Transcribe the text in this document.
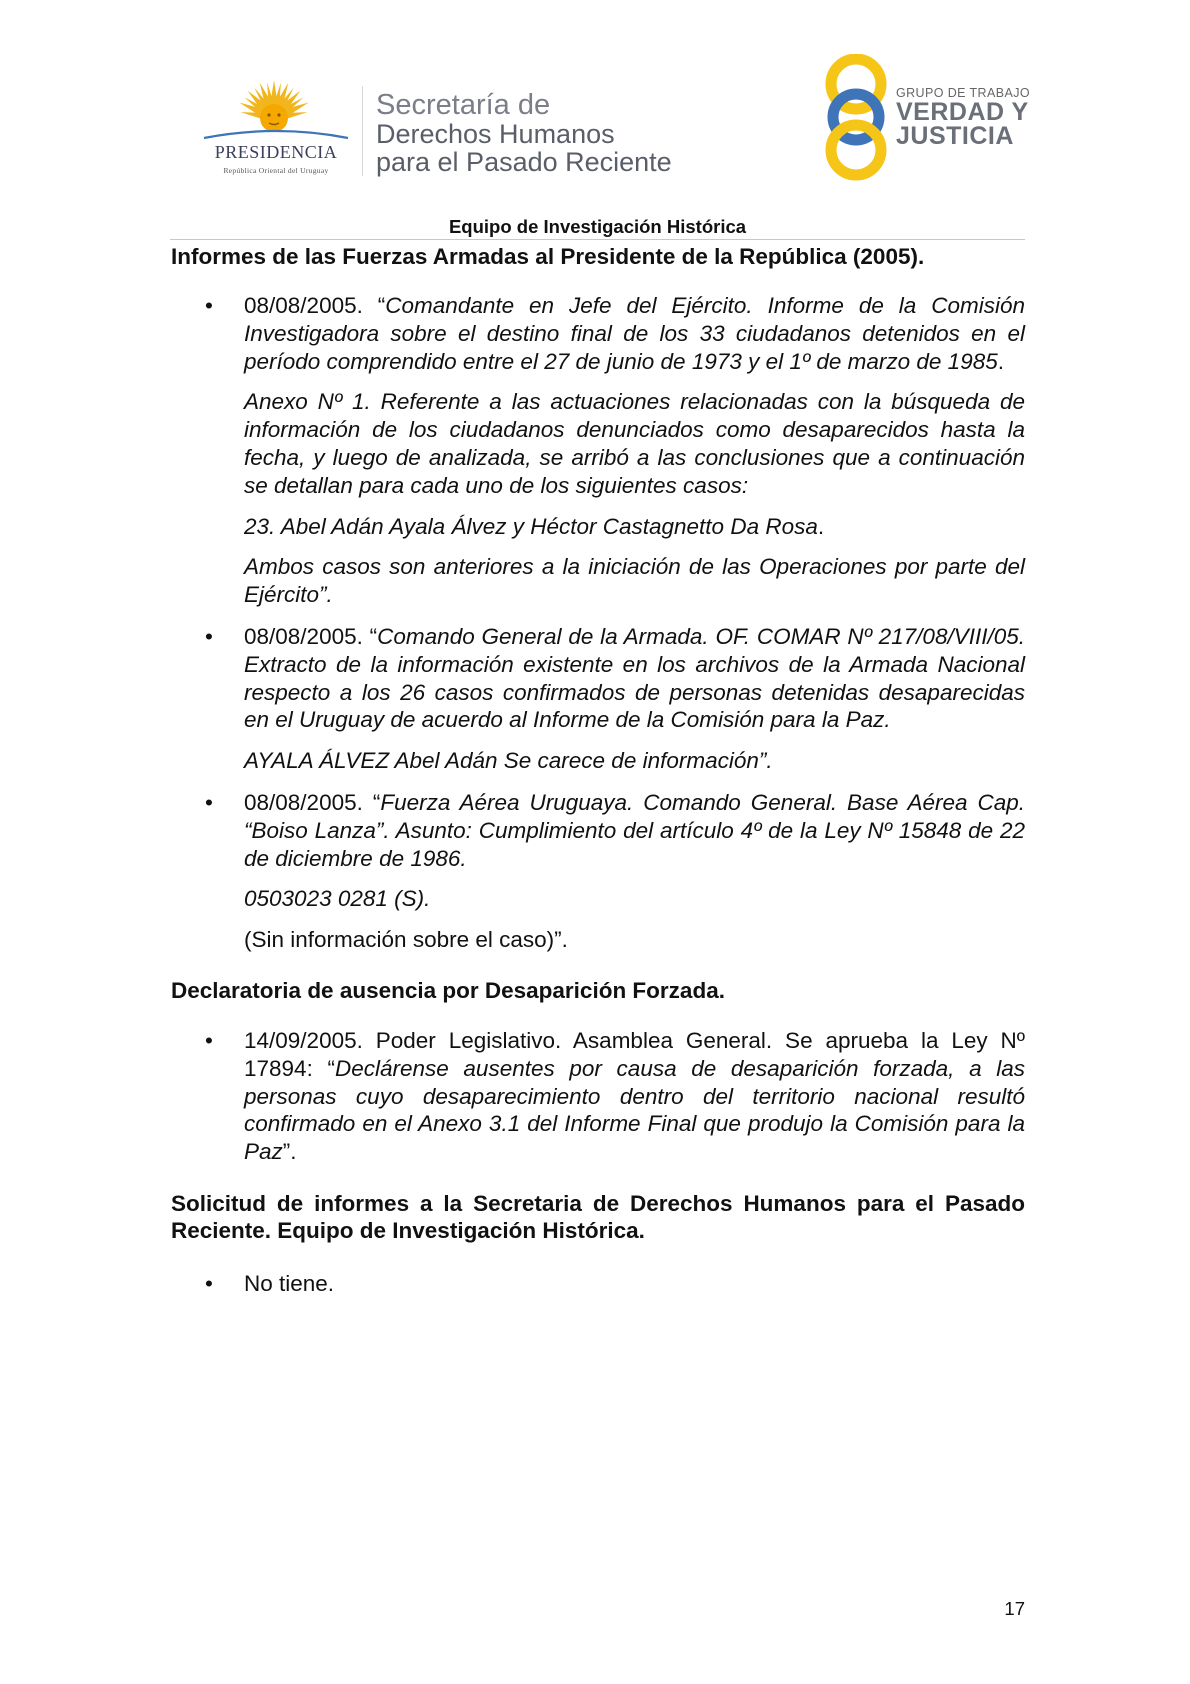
PRESIDENCIA
República Oriental del Uruguay
Secretaría de
Derechos Humanos
para el Pasado Reciente
GRUPO DE TRABAJO
VERDAD Y
JUSTICIA
Equipo de Investigación Histórica

Informes de las Fuerzas Armadas al Presidente de la República (2005).

• 08/08/2005. “Comandante en Jefe del Ejército. Informe de la Comisión Investigadora sobre el destino final de los 33 ciudadanos detenidos en el período comprendido entre el 27 de junio de 1973 y el 1º de marzo de 1985.

Anexo Nº 1. Referente a las actuaciones relacionadas con la búsqueda de información de los ciudadanos denunciados como desaparecidos hasta la fecha, y luego de analizada, se arribó a las conclusiones que a continuación se detallan para cada uno de los siguientes casos:

23. Abel Adán Ayala Álvez y Héctor Castagnetto Da Rosa.

Ambos casos son anteriores a la iniciación de las Operaciones por parte del Ejército”.

• 08/08/2005. “Comando General de la Armada. OF. COMAR Nº 217/08/VIII/05. Extracto de la información existente en los archivos de la Armada Nacional respecto a los 26 casos confirmados de personas detenidas desaparecidas en el Uruguay de acuerdo al Informe de la Comisión para la Paz.

AYALA ÁLVEZ Abel Adán Se carece de información”.

• 08/08/2005. “Fuerza Aérea Uruguaya. Comando General. Base Aérea Cap. “Boiso Lanza”. Asunto: Cumplimiento del artículo 4º de la Ley Nº 15848 de 22 de diciembre de 1986.

0503023 0281 (S).

(Sin información sobre el caso)”.

Declaratoria de ausencia por Desaparición Forzada.

• 14/09/2005. Poder Legislativo. Asamblea General. Se aprueba la Ley Nº 17894: “Declárense ausentes por causa de desaparición forzada, a las personas cuyo desaparecimiento dentro del territorio nacional resultó confirmado en el Anexo 3.1 del Informe Final que produjo la Comisión para la Paz”.

Solicitud de informes a la Secretaria de Derechos Humanos para el Pasado Reciente. Equipo de Investigación Histórica.

• No tiene.

17
